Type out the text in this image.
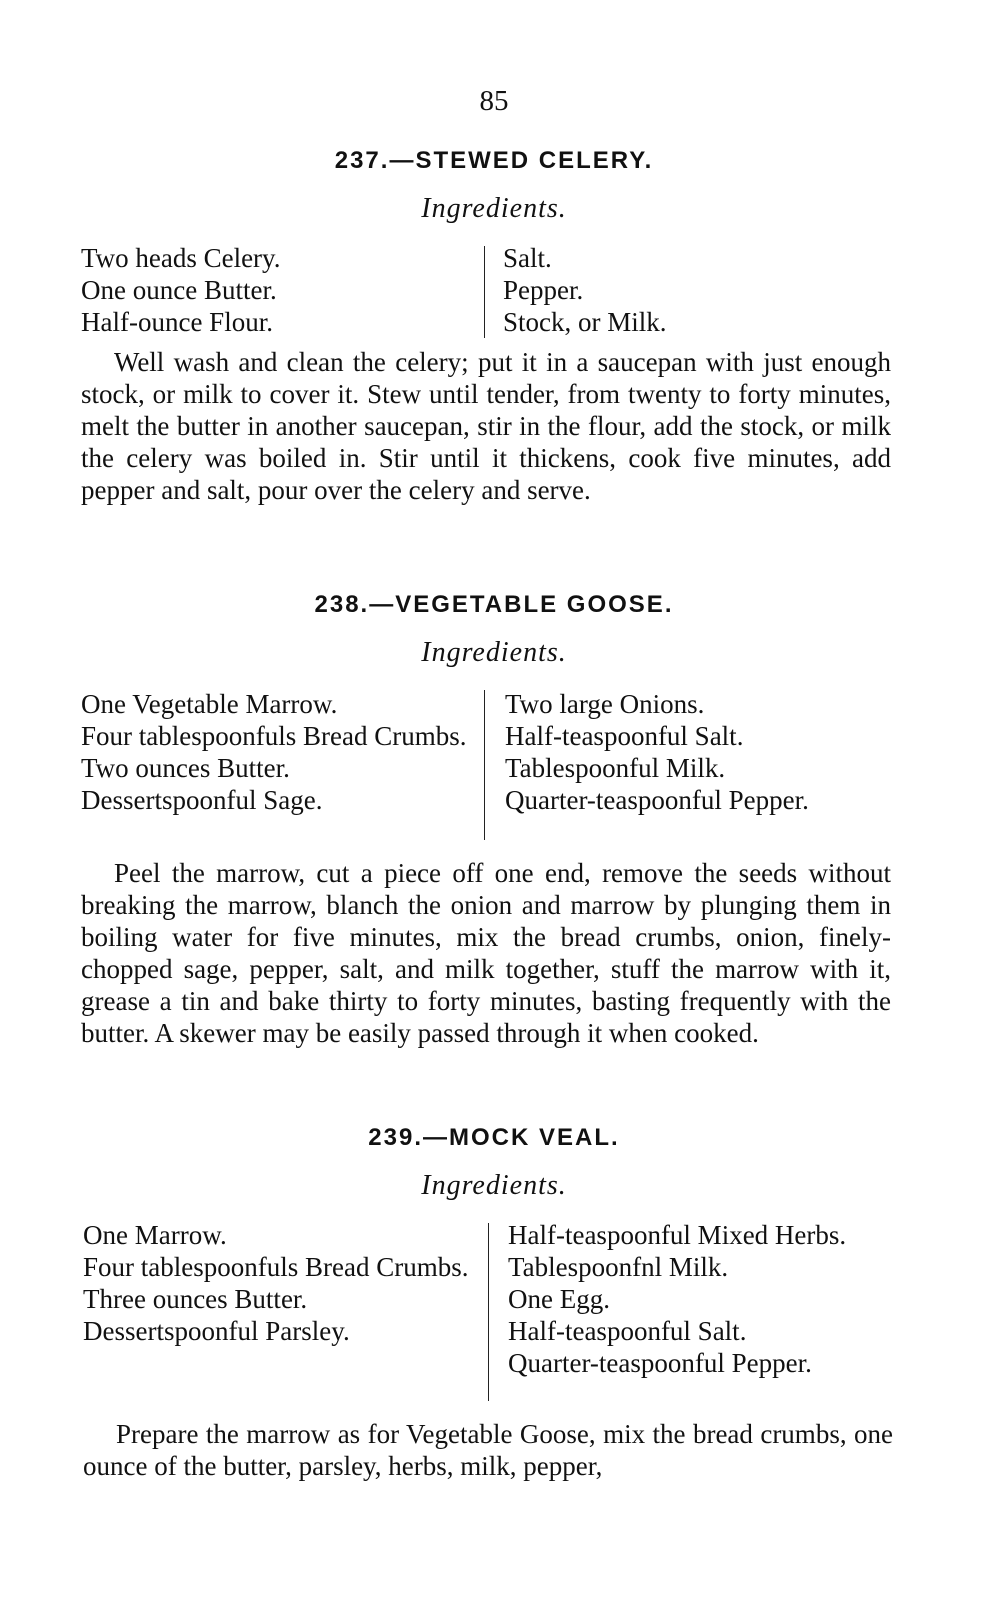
85
237.—STEWED CELERY.
Ingredients.
Two heads Celery.
One ounce Butter.
Half-ounce Flour.
Salt.
Pepper.
Stock, or Milk.

Well wash and clean the celery; put it in a saucepan with just enough stock, or milk to cover it. Stew until tender, from twenty to forty minutes, melt the butter in another saucepan, stir in the flour, add the stock, or milk the celery was boiled in. Stir until it thickens, cook five minutes, add pepper and salt, pour over the celery and serve.

238.—VEGETABLE GOOSE.
Ingredients.
One Vegetable Marrow.
Four tablespoonfuls Bread Crumbs.
Two ounces Butter.
Dessertspoonful Sage.
Two large Onions.
Half-teaspoonful Salt.
Tablespoonful Milk.
Quarter-teaspoonful Pepper.

Peel the marrow, cut a piece off one end, remove the seeds without breaking the marrow, blanch the onion and marrow by plunging them in boiling water for five minutes, mix the bread crumbs, onion, finely-chopped sage, pepper, salt, and milk together, stuff the marrow with it, grease a tin and bake thirty to forty minutes, basting frequently with the butter. A skewer may be easily passed through it when cooked.

239.—MOCK VEAL.
Ingredients.
One Marrow.
Four tablespoonfuls Bread Crumbs.
Three ounces Butter.
Dessertspoonful Parsley.
Half-teaspoonful Mixed Herbs.
Tablespoonfnl Milk.
One Egg.
Half-teaspoonful Salt.
Quarter-teaspoonful Pepper.

Prepare the marrow as for Vegetable Goose, mix the bread crumbs, one ounce of the butter, parsley, herbs, milk, pepper,
